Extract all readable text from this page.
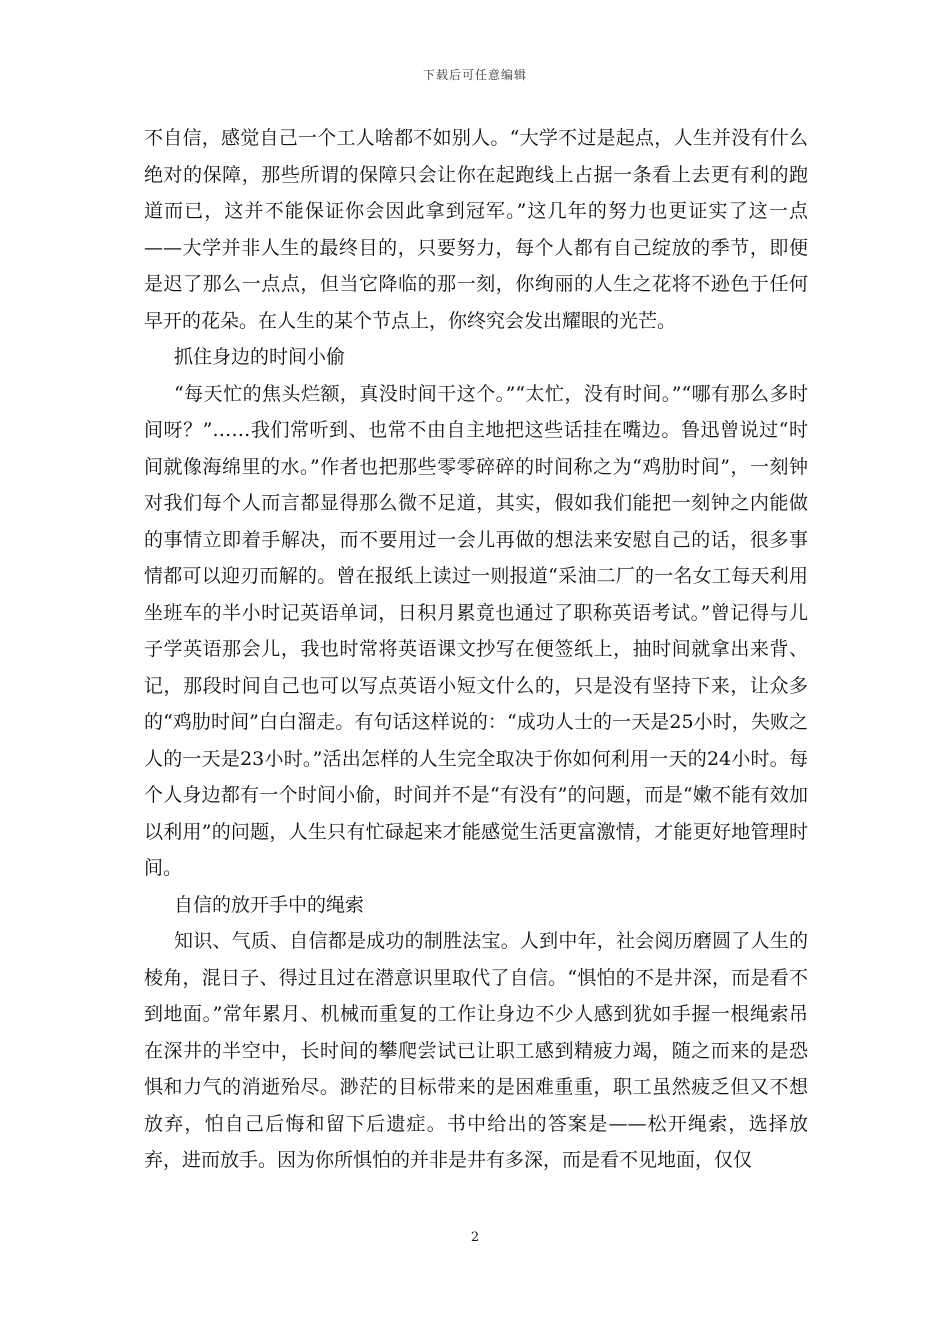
下载后可任意编辑

不自信，感觉自己一个工人啥都不如别人。“大学不过是起点，人生并没有什么绝对的保障，那些所谓的保障只会让你在起跑线上占据一条看上去更有利的跑道而已，这并不能保证你会因此拿到冠军。”这几年的努力也更证实了这一点——大学并非人生的最终目的，只要努力，每个人都有自己绽放的季节，即便是迟了那么一点点，但当它降临的那一刻，你绚丽的人生之花将不逊色于任何早开的花朵。在人生的某个节点上，你终究会发出耀眼的光芒。

抓住身边的时间小偷

“每天忙的焦头烂额，真没时间干这个。”“太忙，没有时间。”“哪有那么多时间呀？”……我们常听到、也常不由自主地把这些话挂在嘴边。鲁迅曾说过“时间就像海绵里的水。”作者也把那些零零碎碎的时间称之为“鸡肋时间”，一刻钟对我们每个人而言都显得那么微不足道，其实，假如我们能把一刻钟之内能做的事情立即着手解决，而不要用过一会儿再做的想法来安慰自己的话，很多事情都可以迎刃而解的。曾在报纸上读过一则报道“采油二厂的一名女工每天利用坐班车的半小时记英语单词，日积月累竟也通过了职称英语考试。”曾记得与儿子学英语那会儿，我也时常将英语课文抄写在便签纸上，抽时间就拿出来背、记，那段时间自己也可以写点英语小短文什么的，只是没有坚持下来，让众多的“鸡肋时间”白白溜走。有句话这样说的：“成功人士的一天是25小时，失败之人的一天是23小时。”活出怎样的人生完全取决于你如何利用一天的24小时。每个人身边都有一个时间小偷，时间并不是“有没有”的问题，而是“嫩不能有效加以利用”的问题，人生只有忙碌起来才能感觉生活更富激情，才能更好地管理时间。

自信的放开手中的绳索

知识、气质、自信都是成功的制胜法宝。人到中年，社会阅历磨圆了人生的棱角，混日子、得过且过在潜意识里取代了自信。“惧怕的不是井深，而是看不到地面。”常年累月、机械而重复的工作让身边不少人感到犹如手握一根绳索吊在深井的半空中，长时间的攀爬尝试已让职工感到精疲力竭，随之而来的是恐惧和力气的消逝殆尽。渺茫的目标带来的是困难重重，职工虽然疲乏但又不想放弃，怕自己后悔和留下后遗症。书中给出的答案是——松开绳索，选择放弃，进而放手。因为你所惧怕的并非是井有多深，而是看不见地面，仅仅

2
